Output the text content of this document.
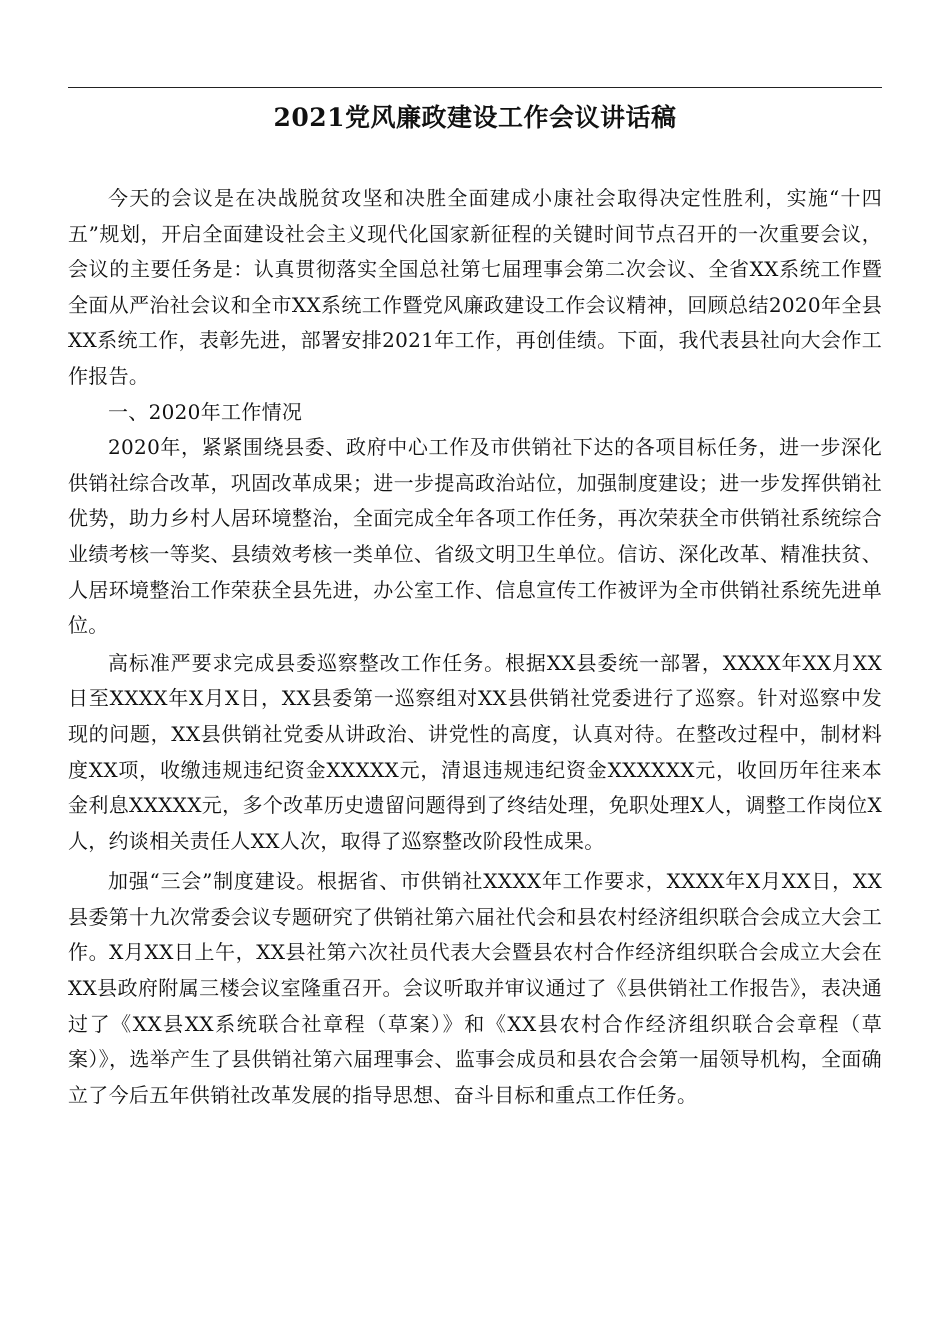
2021党风廉政建设工作会议讲话稿

今天的会议是在决战脱贫攻坚和决胜全面建成小康社会取得决定性胜利，实施“十四五”规划，开启全面建设社会主义现代化国家新征程的关键时间节点召开的一次重要会议，会议的主要任务是：认真贯彻落实全国总社第七届理事会第二次会议、全省XX系统工作暨全面从严治社会议和全市XX系统工作暨党风廉政建设工作会议精神，回顾总结2020年全县XX系统工作，表彰先进，部署安排2021年工作，再创佳绩。下面，我代表县社向大会作工作报告。

一、2020年工作情况

2020年，紧紧围绕县委、政府中心工作及市供销社下达的各项目标任务，进一步深化供销社综合改革，巩固改革成果；进一步提高政治站位，加强制度建设；进一步发挥供销社优势，助力乡村人居环境整治，全面完成全年各项工作任务，再次荣获全市供销社系统综合业绩考核一等奖、县绩效考核一类单位、省级文明卫生单位。信访、深化改革、精准扶贫、人居环境整治工作荣获全县先进，办公室工作、信息宣传工作被评为全市供销社系统先进单位。

高标准严要求完成县委巡察整改工作任务。根据XX县委统一部署，XXXX年XX月XX日至XXXX年X月X日，XX县委第一巡察组对XX县供销社党委进行了巡察。针对巡察中发现的问题，XX县供销社党委从讲政治、讲党性的高度，认真对待。在整改过程中，制材料度XX项，收缴违规违纪资金XXXXX元，清退违规违纪资金XXXXXX元，收回历年往来本金利息XXXXX元，多个改革历史遗留问题得到了终结处理，免职处理X人，调整工作岗位X人，约谈相关责任人XX人次，取得了巡察整改阶段性成果。

加强“三会”制度建设。根据省、市供销社XXXX年工作要求，XXXX年X月XX日，XX县委第十九次常委会议专题研究了供销社第六届社代会和县农村经济组织联合会成立大会工作。X月XX日上午，XX县社第六次社员代表大会暨县农村合作经济组织联合会成立大会在XX县政府附属三楼会议室隆重召开。会议听取并审议通过了《县供销社工作报告》，表决通过了《XX县XX系统联合社章程（草案）》和《XX县农村合作经济组织联合会章程（草案）》，选举产生了县供销社第六届理事会、监事会成员和县农合会第一届领导机构，全面确立了今后五年供销社改革发展的指导思想、奋斗目标和重点工作任务。
